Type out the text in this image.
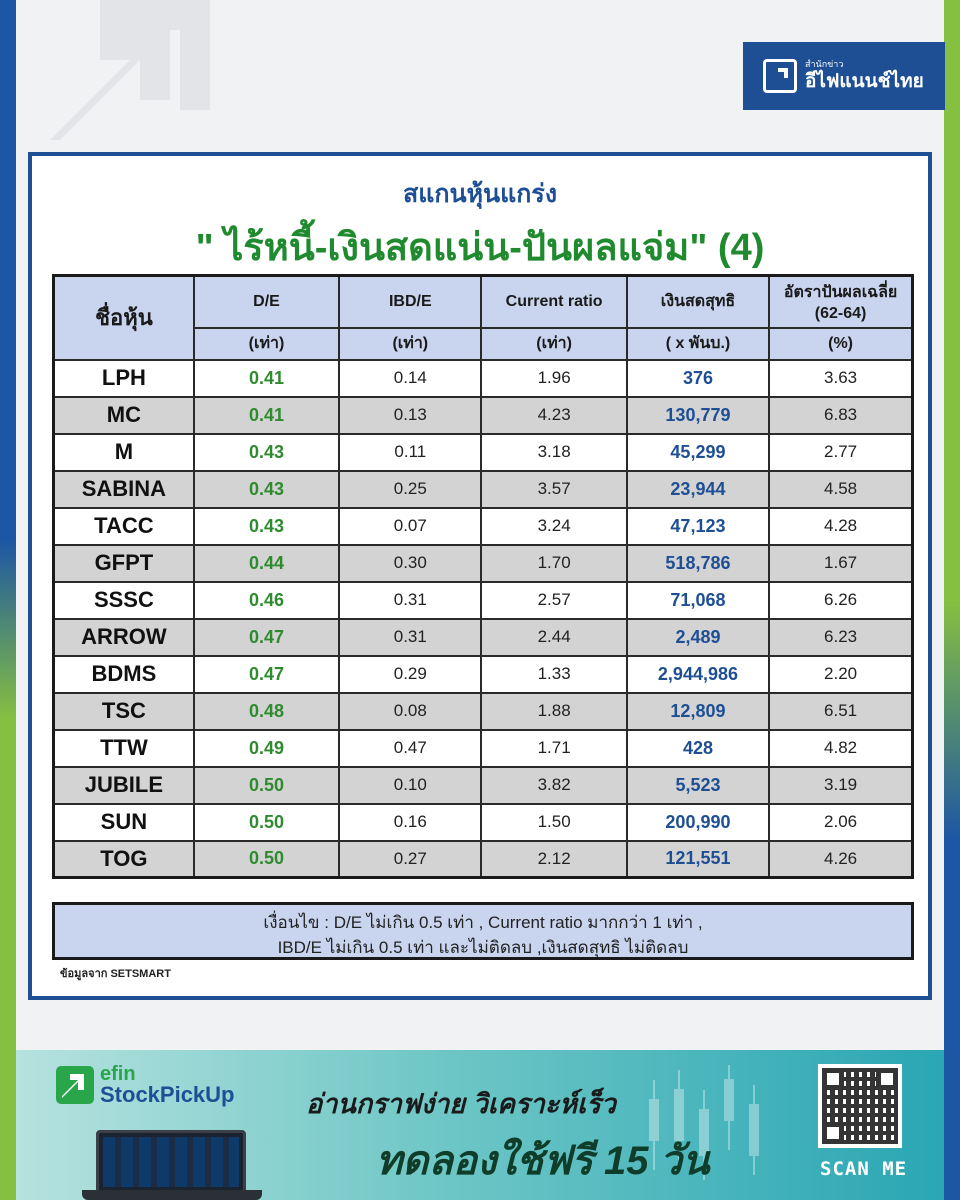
สำนักข่าว
อีไฟแนนช์ไทย
สแกนหุ้นแกร่ง
" ไร้หนี้-เงินสดแน่น-ปันผลแจ่ม" (4)
ชื่อหุ้น	D/E	IBD/E	Current ratio	เงินสดสุทธิ	อัตราปันผลเฉลี่ย (62-64)
	(เท่า)	(เท่า)	(เท่า)	( x พันบ.)	(%)
LPH	0.41	0.14	1.96	376	3.63
MC	0.41	0.13	4.23	130,779	6.83
M	0.43	0.11	3.18	45,299	2.77
SABINA	0.43	0.25	3.57	23,944	4.58
TACC	0.43	0.07	3.24	47,123	4.28
GFPT	0.44	0.30	1.70	518,786	1.67
SSSC	0.46	0.31	2.57	71,068	6.26
ARROW	0.47	0.31	2.44	2,489	6.23
BDMS	0.47	0.29	1.33	2,944,986	2.20
TSC	0.48	0.08	1.88	12,809	6.51
TTW	0.49	0.47	1.71	428	4.82
JUBILE	0.50	0.10	3.82	5,523	3.19
SUN	0.50	0.16	1.50	200,990	2.06
TOG	0.50	0.27	2.12	121,551	4.26
เงื่อนไข : D/E ไม่เกิน 0.5 เท่า , Current ratio มากกว่า 1 เท่า ,
IBD/E ไม่เกิน 0.5 เท่า และไม่ติดลบ ,เงินสดสุทธิ ไม่ติดลบ
ข้อมูลจาก SETSMART
efin
StockPickUp	อ่านกราฟง่าย วิเคราะห์เร็ว
ทดลองใช้ฟรี 15 วัน	SCAN ME
